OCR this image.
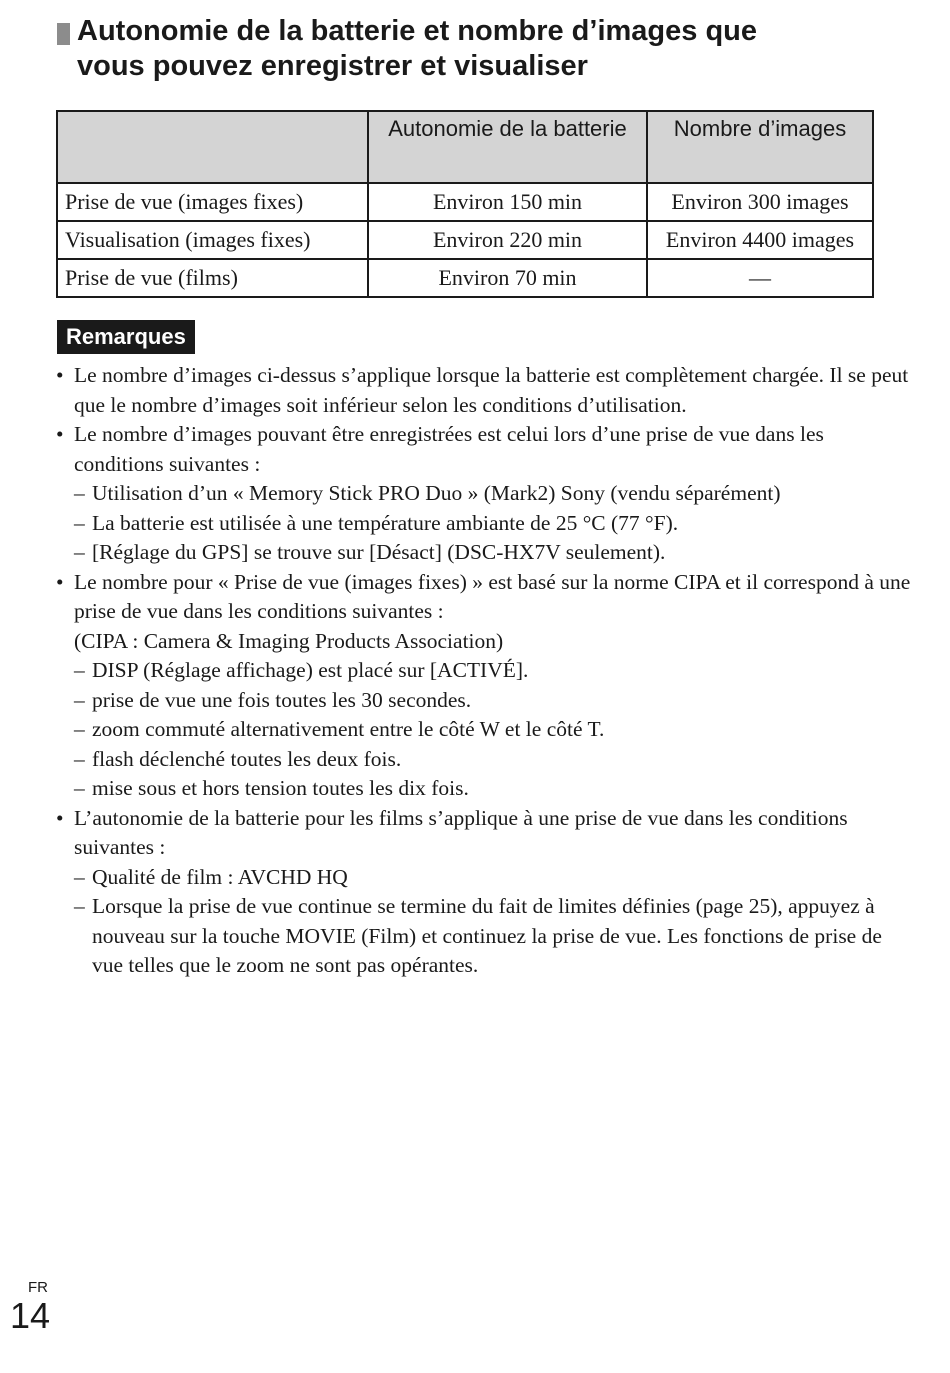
Autonomie de la batterie et nombre d’images que
vous pouvez enregistrer et visualiser
	Autonomie de la batterie	Nombre d’images
Prise de vue (images fixes)	Environ 150 min	Environ 300 images
Visualisation (images fixes)	Environ 220 min	Environ 4400 images
Prise de vue (films)	Environ 70 min	—
Remarques
• Le nombre d’images ci-dessus s’applique lorsque la batterie est complètement chargée. Il se peut que le nombre d’images soit inférieur selon les conditions d’utilisation.
• Le nombre d’images pouvant être enregistrées est celui lors d’une prise de vue dans les conditions suivantes :
– Utilisation d’un « Memory Stick PRO Duo » (Mark2) Sony (vendu séparément)
– La batterie est utilisée à une température ambiante de 25 °C (77 °F).
– [Réglage du GPS] se trouve sur [Désact] (DSC-HX7V seulement).
• Le nombre pour « Prise de vue (images fixes) » est basé sur la norme CIPA et il correspond à une prise de vue dans les conditions suivantes :
(CIPA : Camera & Imaging Products Association)
– DISP (Réglage affichage) est placé sur [ACTIVÉ].
– prise de vue une fois toutes les 30 secondes.
– zoom commuté alternativement entre le côté W et le côté T.
– flash déclenché toutes les deux fois.
– mise sous et hors tension toutes les dix fois.
• L’autonomie de la batterie pour les films s’applique à une prise de vue dans les conditions suivantes :
– Qualité de film : AVCHD HQ
– Lorsque la prise de vue continue se termine du fait de limites définies (page 25), appuyez à nouveau sur la touche MOVIE (Film) et continuez la prise de vue. Les fonctions de prise de vue telles que le zoom ne sont pas opérantes.
FR
14
